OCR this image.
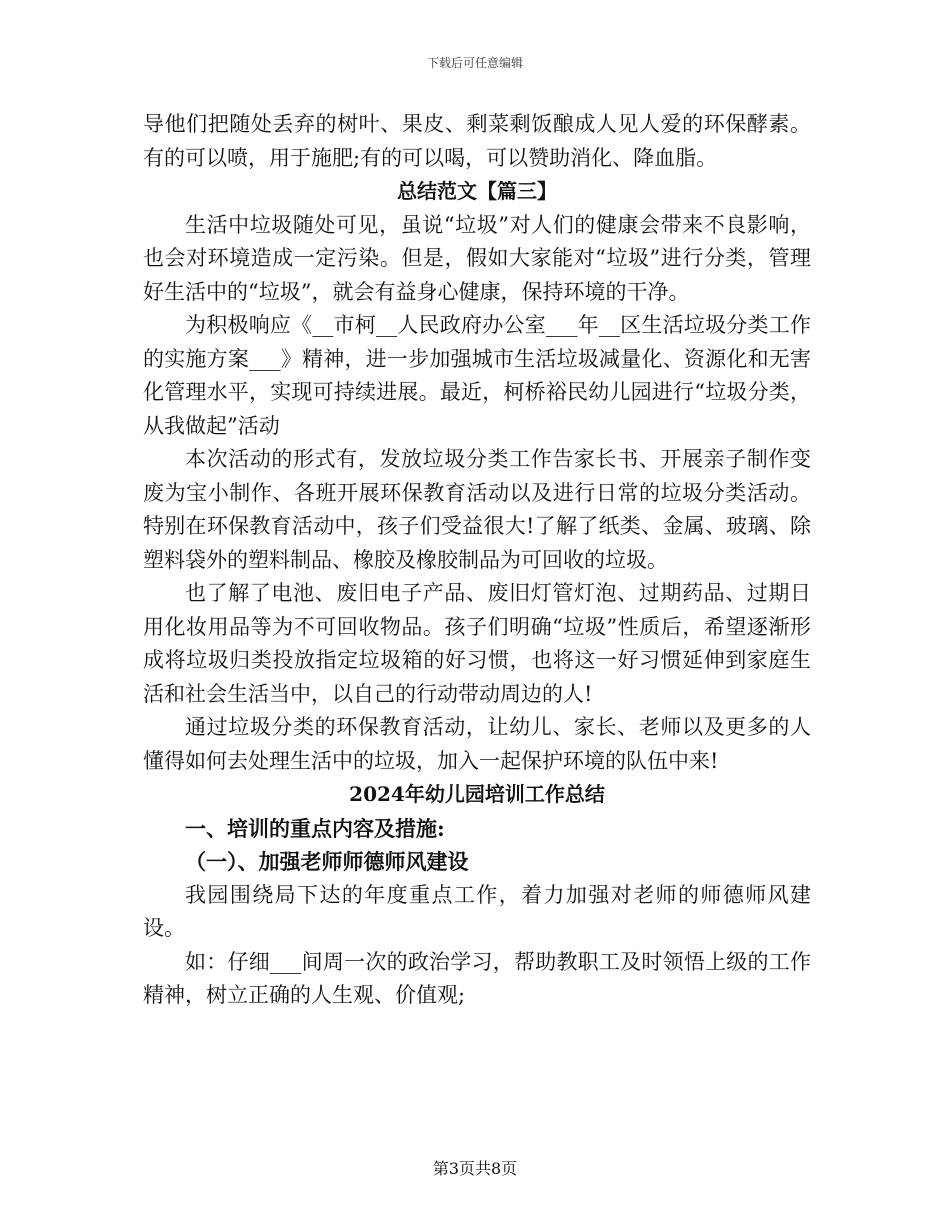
下载后可任意编辑

导他们把随处丢弃的树叶、果皮、剩菜剩饭酿成人见人爱的环保酵素。有的可以喷，用于施肥;有的可以喝，可以赞助消化、降血脂。

总结范文【篇三】

生活中垃圾随处可见，虽说“垃圾”对人们的健康会带来不良影响，也会对环境造成一定污染。但是，假如大家能对“垃圾”进行分类，管理好生活中的“垃圾”，就会有益身心健康，保持环境的干净。

为积极响应《__市柯__人民政府办公室___年__区生活垃圾分类工作的实施方案___》精神，进一步加强城市生活垃圾减量化、资源化和无害化管理水平，实现可持续进展。最近，柯桥裕民幼儿园进行“垃圾分类，从我做起”活动

本次活动的形式有，发放垃圾分类工作告家长书、开展亲子制作变废为宝小制作、各班开展环保教育活动以及进行日常的垃圾分类活动。特别在环保教育活动中，孩子们受益很大!了解了纸类、金属、玻璃、除塑料袋外的塑料制品、橡胶及橡胶制品为可回收的垃圾。

也了解了电池、废旧电子产品、废旧灯管灯泡、过期药品、过期日用化妆用品等为不可回收物品。孩子们明确“垃圾”性质后，希望逐渐形成将垃圾归类投放指定垃圾箱的好习惯，也将这一好习惯延伸到家庭生活和社会生活当中，以自己的行动带动周边的人!

通过垃圾分类的环保教育活动，让幼儿、家长、老师以及更多的人懂得如何去处理生活中的垃圾，加入一起保护环境的队伍中来!

2024年幼儿园培训工作总结

一、培训的重点内容及措施:

（一）、加强老师师德师风建设

我园围绕局下达的年度重点工作，着力加强对老师的师德师风建设。

如：仔细___间周一次的政治学习，帮助教职工及时领悟上级的工作精神，树立正确的人生观、价值观;

第3页共8页
